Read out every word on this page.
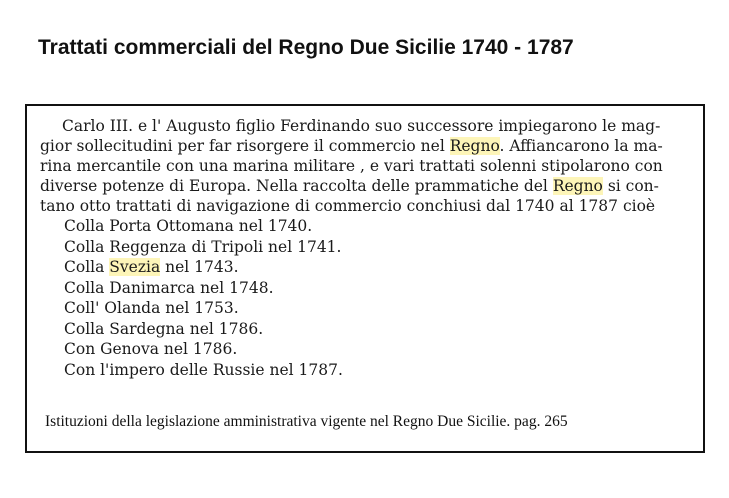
Trattati commerciali del Regno Due Sicilie 1740 - 1787
Carlo III. e l' Augusto figlio Ferdinando suo successore impiegarono le mag-
gior sollecitudini per far risorgere il commercio nel Regno. Affiancarono la ma-
rina mercantile con una marina militare , e vari trattati solenni stipolarono con
diverse potenze di Europa. Nella raccolta delle prammatiche del Regno si con-
tano otto trattati di navigazione di commercio conchiusi dal 1740 al 1787 cioè
Colla Porta Ottomana nel 1740.
Colla Reggenza di Tripoli nel 1741.
Colla Svezia nel 1743.
Colla Danimarca nel 1748.
Coll' Olanda nel 1753.
Colla Sardegna nel 1786.
Con Genova nel 1786.
Con l'impero delle Russie nel 1787.
Istituzioni della legislazione amministrativa vigente nel Regno Due Sicilie. pag. 265
